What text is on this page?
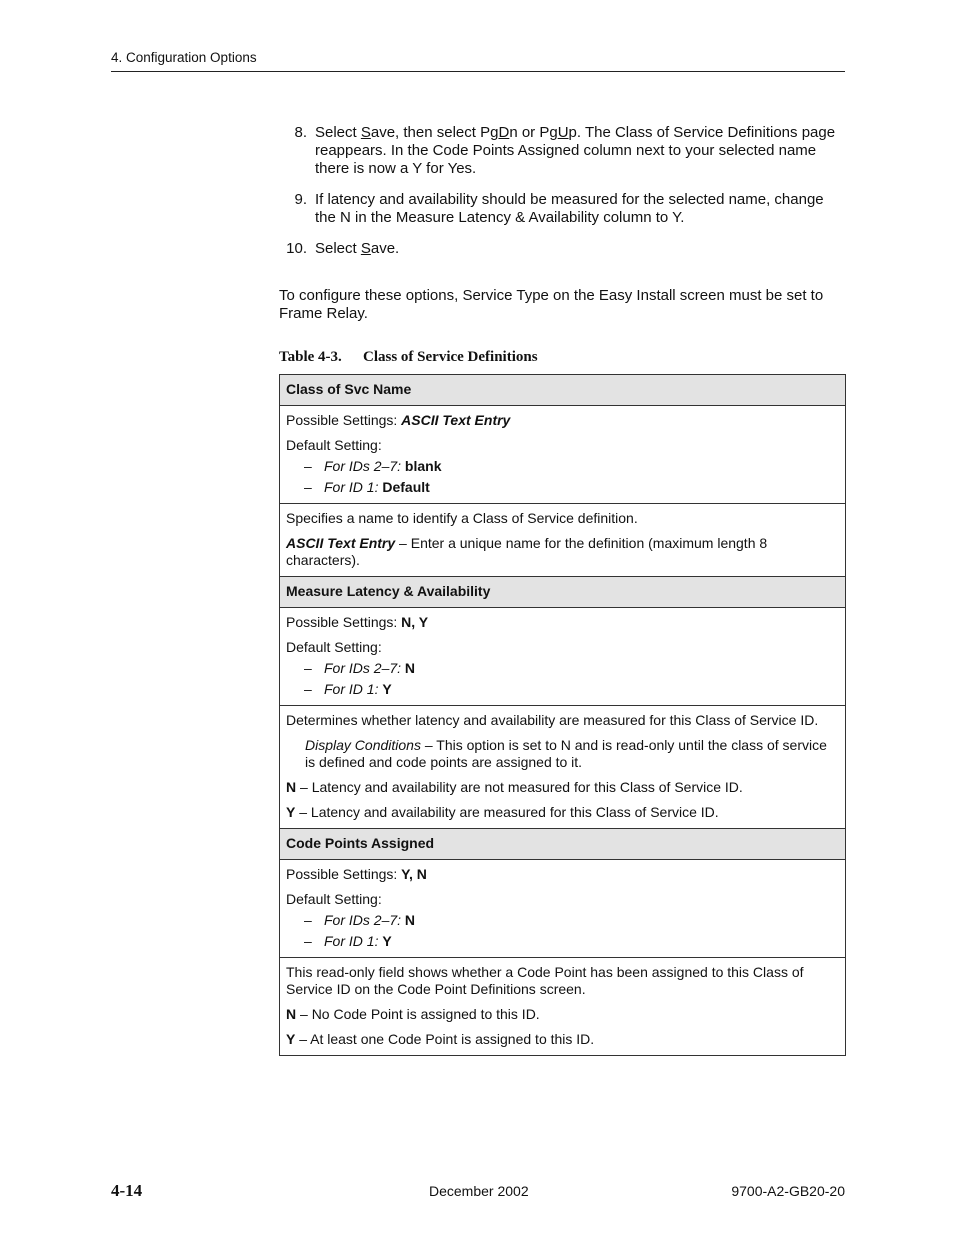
4. Configuration Options
8. Select Save, then select PgDn or PgUp. The Class of Service Definitions page reappears. In the Code Points Assigned column next to your selected name there is now a Y for Yes.
9. If latency and availability should be measured for the selected name, change the N in the Measure Latency & Availability column to Y.
10. Select Save.
To configure these options, Service Type on the Easy Install screen must be set to Frame Relay.
Table 4-3. Class of Service Definitions
Class of Svc Name

Possible Settings: ASCII Text Entry

Default Setting:
– For IDs 2–7: blank
– For ID 1: Default

Specifies a name to identify a Class of Service definition.

ASCII Text Entry – Enter a unique name for the definition (maximum length 8 characters).

Measure Latency & Availability

Possible Settings: N, Y

Default Setting:
– For IDs 2–7: N
– For ID 1: Y

Determines whether latency and availability are measured for this Class of Service ID.

Display Conditions – This option is set to N and is read-only until the class of service is defined and code points are assigned to it.

N – Latency and availability are not measured for this Class of Service ID.

Y – Latency and availability are measured for this Class of Service ID.

Code Points Assigned

Possible Settings: Y, N

Default Setting:
– For IDs 2–7: N
– For ID 1: Y

This read-only field shows whether a Code Point has been assigned to this Class of Service ID on the Code Point Definitions screen.

N – No Code Point is assigned to this ID.

Y – At least one Code Point is assigned to this ID.

4-14	December 2002	9700-A2-GB20-20
